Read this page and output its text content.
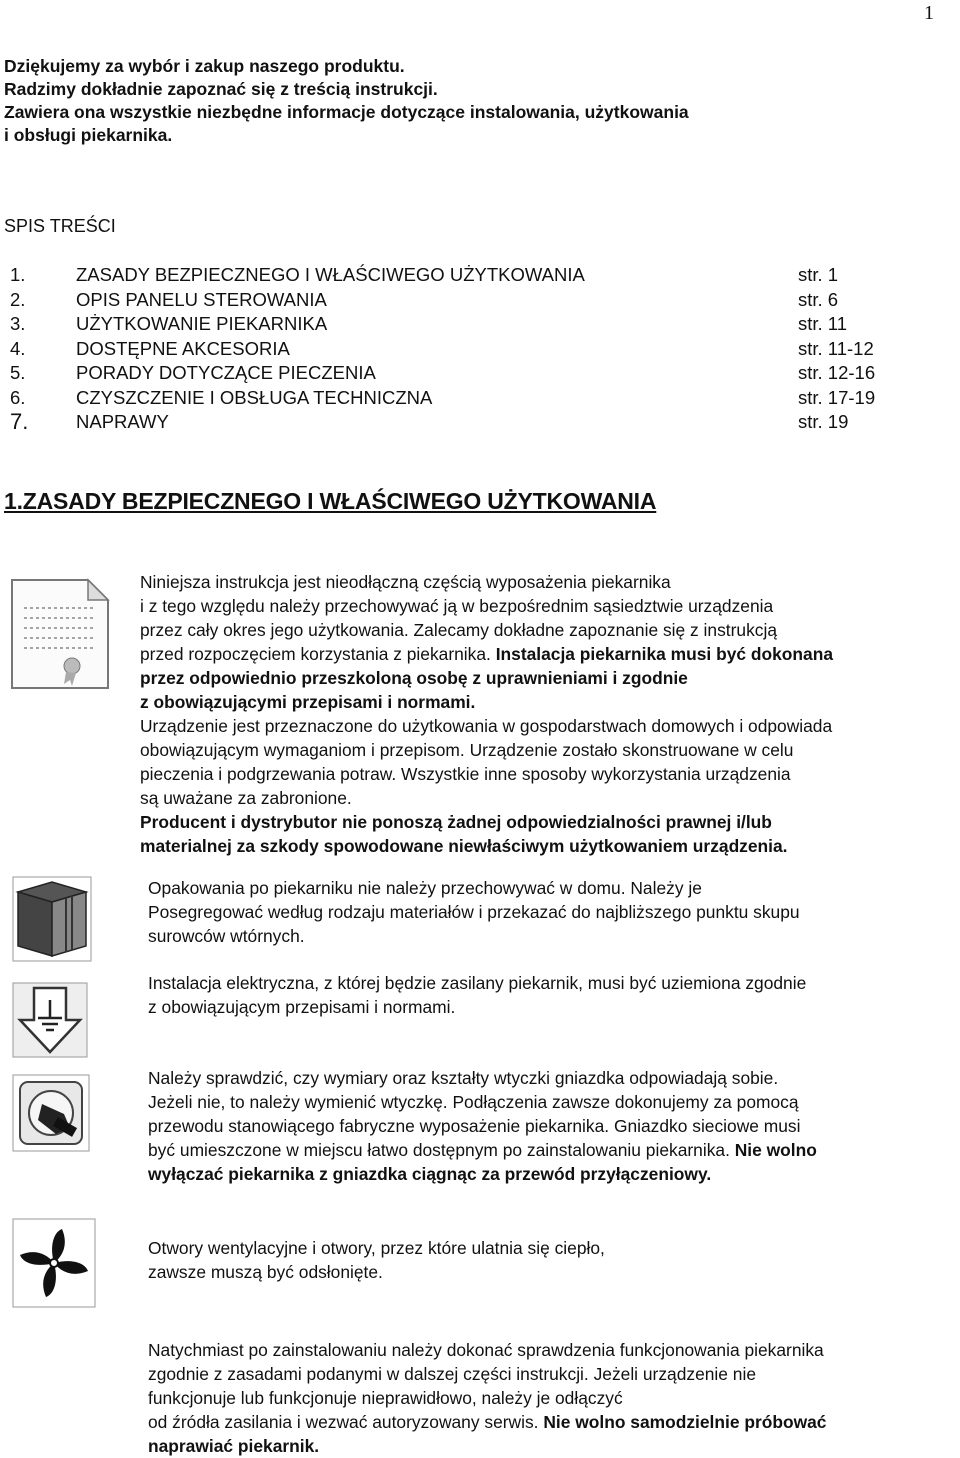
1
Dziękujemy za wybór i zakup naszego produktu.
Radzimy dokładnie zapoznać się z treścią instrukcji.
Zawiera ona wszystkie niezbędne informacje dotyczące instalowania, użytkowania
i obsługi piekarnika.
SPIS TREŚCI
1.	ZASADY BEZPIECZNEGO I WŁAŚCIWEGO UŻYTKOWANIA	str. 1
2.	OPIS PANELU STEROWANIA	str. 6
3.	UŻYTKOWANIE PIEKARNIKA	str. 11
4.	DOSTĘPNE AKCESORIA	str. 11-12
5.	PORADY DOTYCZĄCE PIECZENIA	str. 12-16
6.	CZYSZCZENIE I OBSŁUGA TECHNICZNA	str. 17-19
7.	NAPRAWY	str. 19
1.ZASADY BEZPIECZNEGO I WŁAŚCIWEGO UŻYTKOWANIA
Niniejsza instrukcja jest nieodłączną częścią wyposażenia piekarnika
i z tego względu należy przechowywać ją w bezpośrednim sąsiedztwie urządzenia
przez cały okres jego użytkowania. Zalecamy dokładne zapoznanie się z instrukcją
przed rozpoczęciem korzystania z piekarnika. Instalacja piekarnika musi być dokonana
przez odpowiednio przeszkoloną osobę z uprawnieniami i zgodnie
z obowiązującymi przepisami i normami.
Urządzenie jest przeznaczone do użytkowania w gospodarstwach domowych i odpowiada
obowiązującym wymaganiom i przepisom. Urządzenie zostało skonstruowane w celu
pieczenia i podgrzewania potraw. Wszystkie inne sposoby wykorzystania urządzenia
są uważane za zabronione.
Producent i dystrybutor nie ponoszą żadnej odpowiedzialności prawnej i/lub
materialnej za szkody spowodowane niewłaściwym użytkowaniem urządzenia.
Opakowania po piekarniku nie należy przechowywać w domu. Należy je
Posegregować według rodzaju materiałów i przekazać do najbliższego punktu skupu
surowców wtórnych.
Instalacja elektryczna, z której będzie zasilany piekarnik, musi być uziemiona zgodnie
z obowiązującym przepisami i normami.
Należy sprawdzić, czy wymiary oraz kształty wtyczki gniazdka odpowiadają sobie.
Jeżeli nie, to należy wymienić wtyczkę. Podłączenia zawsze dokonujemy za pomocą
przewodu stanowiącego fabryczne wyposażenie piekarnika. Gniazdko sieciowe musi
być umieszczone w miejscu łatwo dostępnym po zainstalowaniu piekarnika. Nie wolno
wyłączać piekarnika z gniazdka ciągnąc za przewód przyłączeniowy.
Otwory wentylacyjne i otwory, przez które ulatnia się ciepło,
zawsze muszą być odsłonięte.
Natychmiast po zainstalowaniu należy dokonać sprawdzenia funkcjonowania piekarnika
zgodnie z zasadami podanymi w dalszej części instrukcji. Jeżeli urządzenie nie
funkcjonuje lub funkcjonuje nieprawidłowo, należy je odłączyć
od źródła zasilania i wezwać autoryzowany serwis. Nie wolno samodzielnie próbować
naprawiać piekarnik.
